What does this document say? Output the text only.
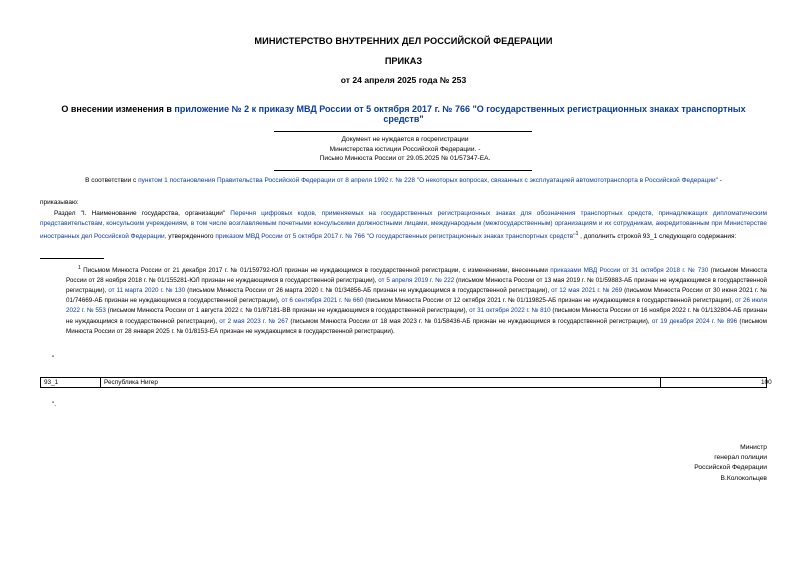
МИНИСТЕРСТВО ВНУТРЕННИХ ДЕЛ РОССИЙСКОЙ ФЕДЕРАЦИИ
ПРИКАЗ
от 24 апреля 2025 года № 253
О внесении изменения в приложение № 2 к приказу МВД России от 5 октября 2017 г. № 766 "О государственных регистрационных знаках транспортных средств"
Документ не нуждается в госрегистрации
Министерства юстиции Российской Федерации. -
Письмо Минюста России от 29.05.2025 № 01/57347-ЕА.
В соответствии с пунктом 1 постановления Правительства Российской Федерации от 8 апреля 1992 г. № 228 "О некоторых вопросах, связанных с эксплуатацией автомототранспорта в Российской Федерации" -
приказываю:
Раздел "I. Наименование государства, организации" Перечня цифровых кодов, применяемых на государственных регистрационных знаках для обозначения транспортных средств, принадлежащих дипломатическим представительствам, консульским учреждениям, в том числе возглавляемым почетными консульскими должностными лицами, международным (межгосударственным) организациям и их сотрудникам, аккредитованным при Министерстве иностранных дел Российской Федерации, утвержденного приказом МВД России от 5 октября 2017 г. № 766 "О государственных регистрационных знаках транспортных средств"$^1$ , дополнить строкой 93_1 следующего содержания:
$^1$ Письмом Минюста России от 21 декабря 2017 г. № 01/159792-ЮЛ признан не нуждающимся в государственной регистрации, с изменениями, внесенными приказами МВД России от 31 октября 2018 г. № 730 (письмом Минюста России от 28 ноября 2018 г. № 01/155281-ЮЛ признан не нуждающимся в государственной регистрации), от 5 апреля 2019 г. № 222 (письмом Минюста России от 13 мая 2019 г. № 01/59883-АБ признан не нуждающимся в государственной регистрации), от 11 марта 2020 г. № 130 (письмом Минюста России от 26 марта 2020 г. № 01/34856-АБ признан не нуждающимся в государственной регистрации), от 12 мая 2021 г. № 269 (письмом Минюста России от 30 июня 2021 г. № 01/74669-АБ признан не нуждающимся в государственной регистрации), от 6 сентября 2021 г. № 660 (письмом Минюста России от 12 октября 2021 г. № 01/119825-АБ признан не нуждающимся в государственной регистрации), от 26 июля 2022 г. № 553 (письмом Минюста России от 1 августа 2022 г. № 01/87181-ВВ признан не нуждающимся в государственной регистрации), от 31 октября 2022 г. № 810 (письмом Минюста России от 16 ноября 2022 г. № 01/132804-АБ признан не нуждающимся в государственной регистрации), от 2 мая 2023 г. № 267 (письмом Минюста России от 18 мая 2023 г. № 01/58436-АБ признан не нуждающимся в государственной регистрации), от 19 декабря 2024 г. № 896 (письмом Минюста России от 28 января 2025 г. № 01/8153-ЕА признан не нуждающимся в государственной регистрации).
"
93_1	Республика Нигер	100
".
Министр
генерал полиции
Российской Федерации
В.Колокольцев
